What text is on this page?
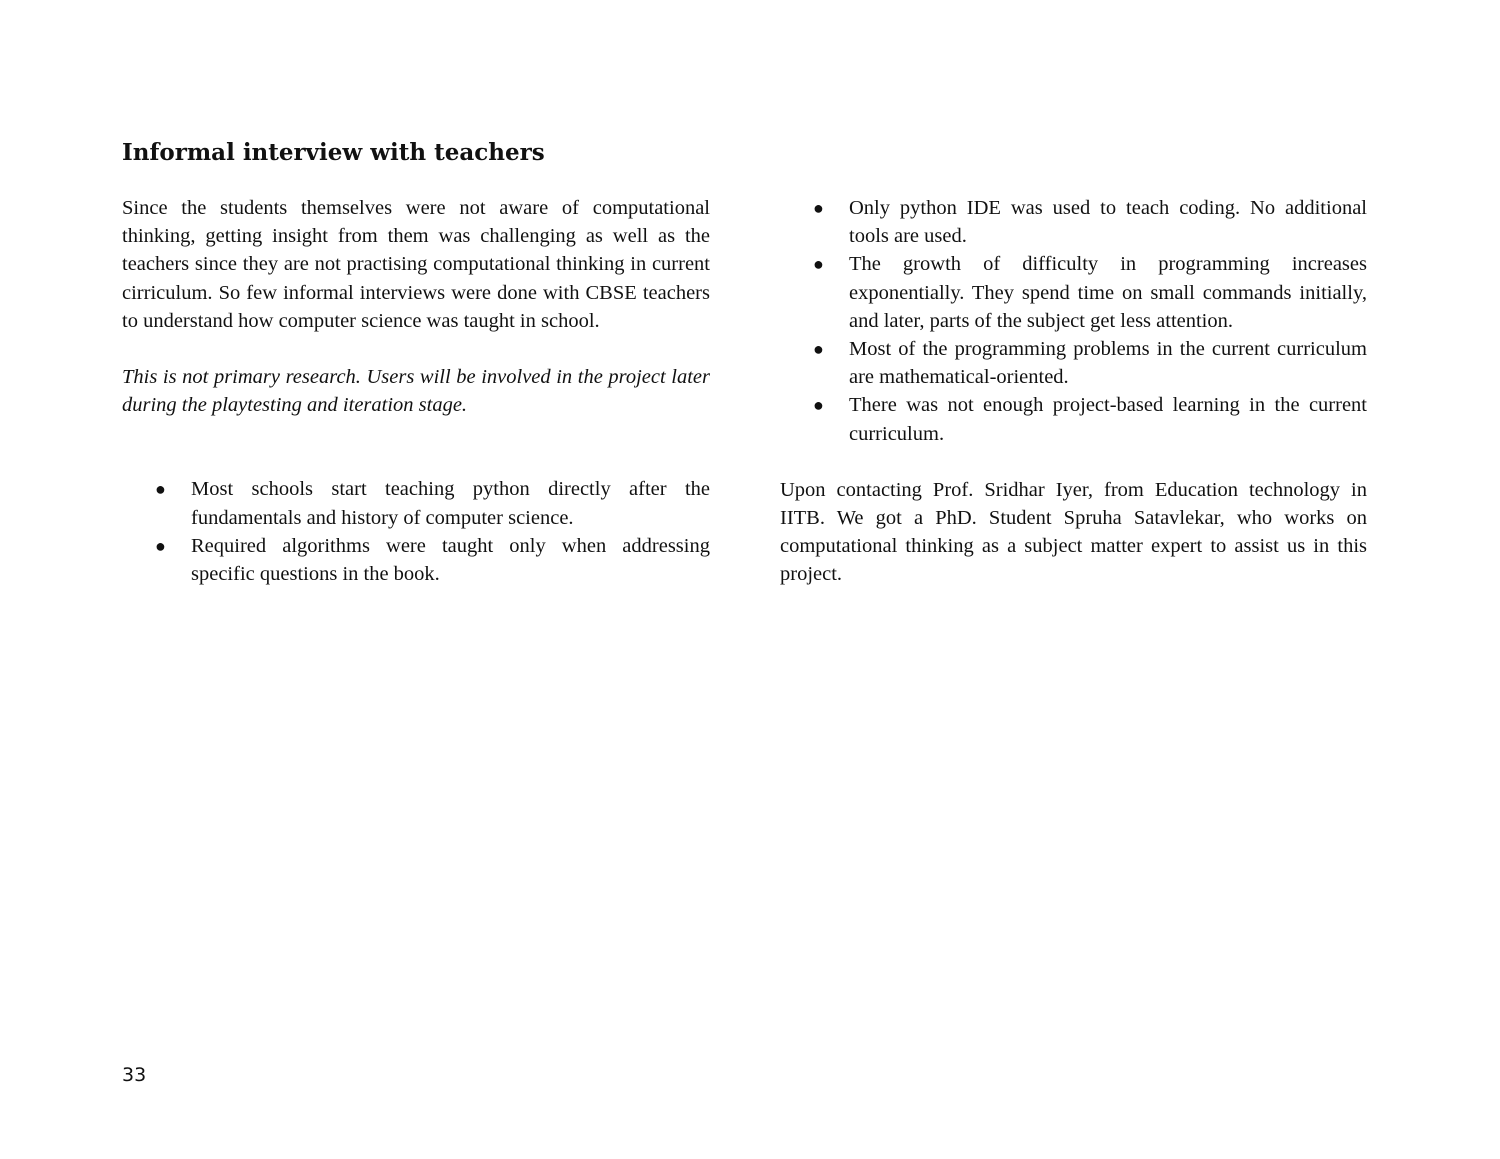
Informal interview with teachers

Since the students themselves were not aware of computational thinking, getting insight from them was challenging as well as the teachers since they are not practising computational thinking in current cirriculum. So few informal interviews were done with CBSE teachers to understand how computer science was taught in school.

This is not primary research. Users will be involved in the project later during the playtesting and iteration stage.

● Most schools start teaching python directly after the fundamentals and history of computer science.
● Required algorithms were taught only when addressing specific questions in the book.
● Only python IDE was used to teach coding. No additional tools are used.
● The growth of difficulty in programming increases exponentially. They spend time on small commands initially, and later, parts of the subject get less attention.
● Most of the programming problems in the current curriculum are mathematical-oriented.
● There was not enough project-based learning in the current curriculum.

Upon contacting Prof. Sridhar Iyer, from Education technology in IITB. We got a PhD. Student Spruha Satavlekar, who works on computational thinking as a subject matter expert to assist us in this project.

33
